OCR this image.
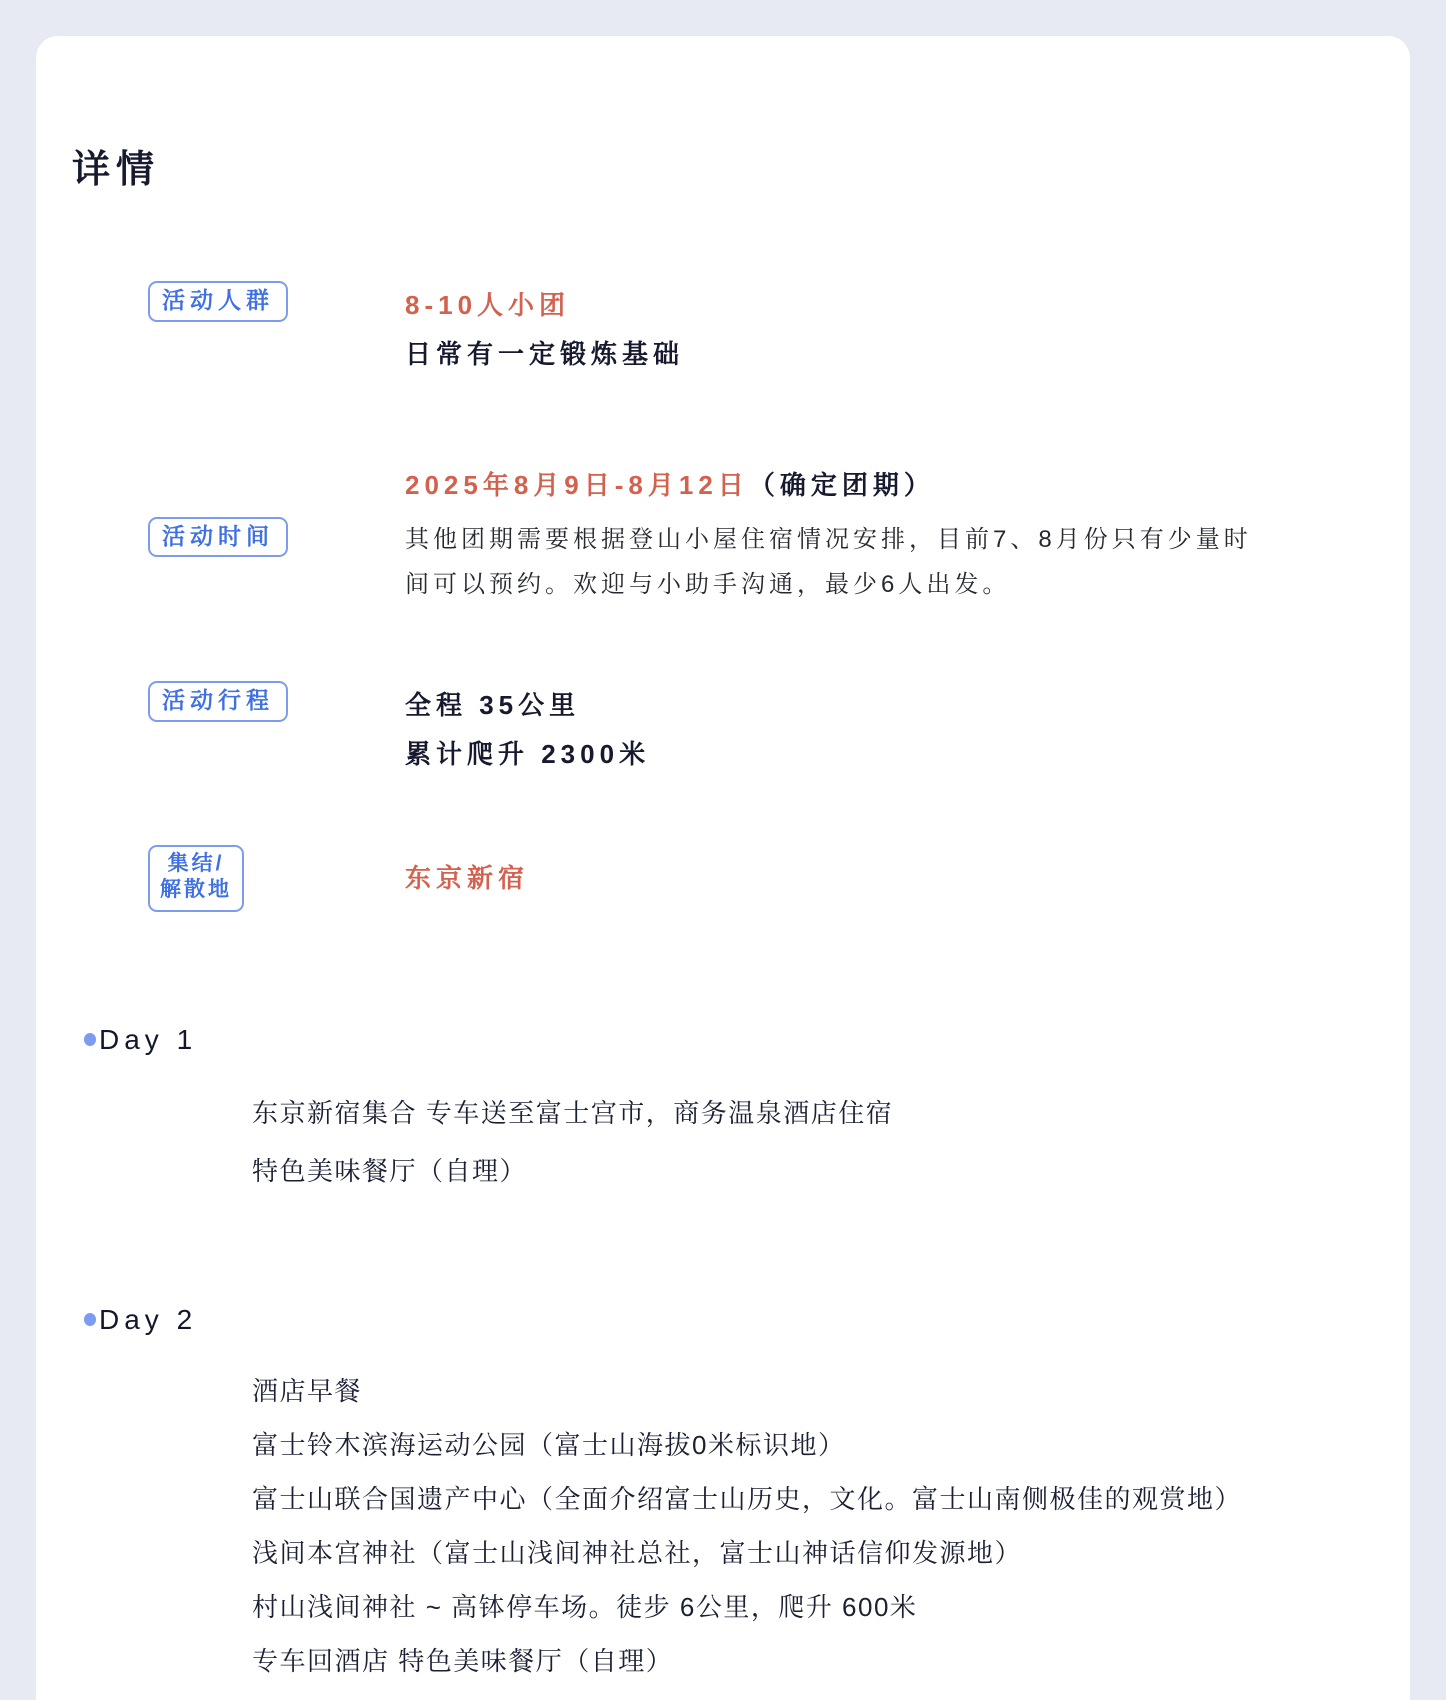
详情
活动人群	8-10人小团
日常有一定锻炼基础
活动时间
2025年8月9日-8月12日（确定团期）
其他团期需要根据登山小屋住宿情况安排，目前7、8月份只有少量时间可以预约。欢迎与小助手沟通，最少6人出发。
活动行程	全程 35公里
累计爬升 2300米
集结/
解散地	东京新宿
Day 1
东京新宿集合 专车送至富士宫市，商务温泉酒店住宿
特色美味餐厅（自理）
Day 2
酒店早餐
富士铃木滨海运动公园（富士山海拔0米标识地）
富士山联合国遗产中心（全面介绍富士山历史，文化。富士山南侧极佳的观赏地）浅间本宫神社（富士山浅间神社总社，富士山神话信仰发源地）
村山浅间神社 ~ 高钵停车场。徒步 6公里，爬升 600米
专车回酒店 特色美味餐厅（自理）
